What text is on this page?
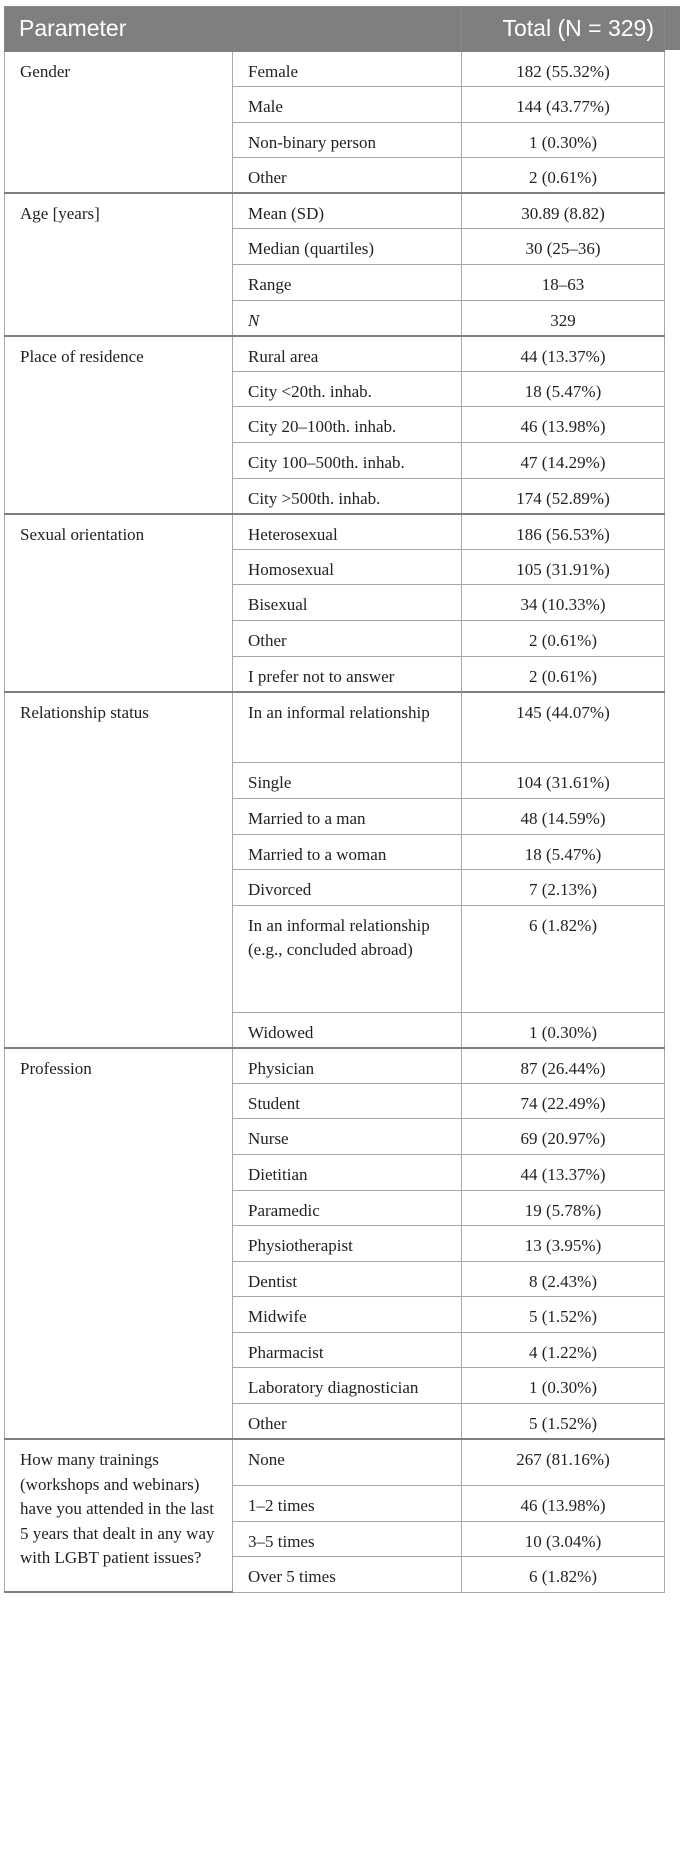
Parameter		Total (N = 329)
Gender	Female	182 (55.32%)
	Male	144 (43.77%)
	Non-binary person	1 (0.30%)
	Other	2 (0.61%)
Age [years]	Mean (SD)	30.89 (8.82)
	Median (quartiles)	30 (25–36)
	Range	18–63
	N	329
Place of residence	Rural area	44 (13.37%)
	City <20th. inhab.	18 (5.47%)
	City 20–100th. inhab.	46 (13.98%)
	City 100–500th. inhab.	47 (14.29%)
	City >500th. inhab.	174 (52.89%)
Sexual orientation	Heterosexual	186 (56.53%)
	Homosexual	105 (31.91%)
	Bisexual	34 (10.33%)
	Other	2 (0.61%)
	I prefer not to answer	2 (0.61%)
Relationship status	In an informal relationship	145 (44.07%)
	Single	104 (31.61%)
	Married to a man	48 (14.59%)
	Married to a woman	18 (5.47%)
	Divorced	7 (2.13%)
	In an informal relationship (e.g., concluded abroad)	6 (1.82%)
	Widowed	1 (0.30%)
Profession	Physician	87 (26.44%)
	Student	74 (22.49%)
	Nurse	69 (20.97%)
	Dietitian	44 (13.37%)
	Paramedic	19 (5.78%)
	Physiotherapist	13 (3.95%)
	Dentist	8 (2.43%)
	Midwife	5 (1.52%)
	Pharmacist	4 (1.22%)
	Laboratory diagnostician	1 (0.30%)
	Other	5 (1.52%)
How many trainings (workshops and webinars) have you attended in the last 5 years that dealt in any way with LGBT patient issues?	None	267 (81.16%)
	1–2 times	46 (13.98%)
	3–5 times	10 (3.04%)
	Over 5 times	6 (1.82%)
